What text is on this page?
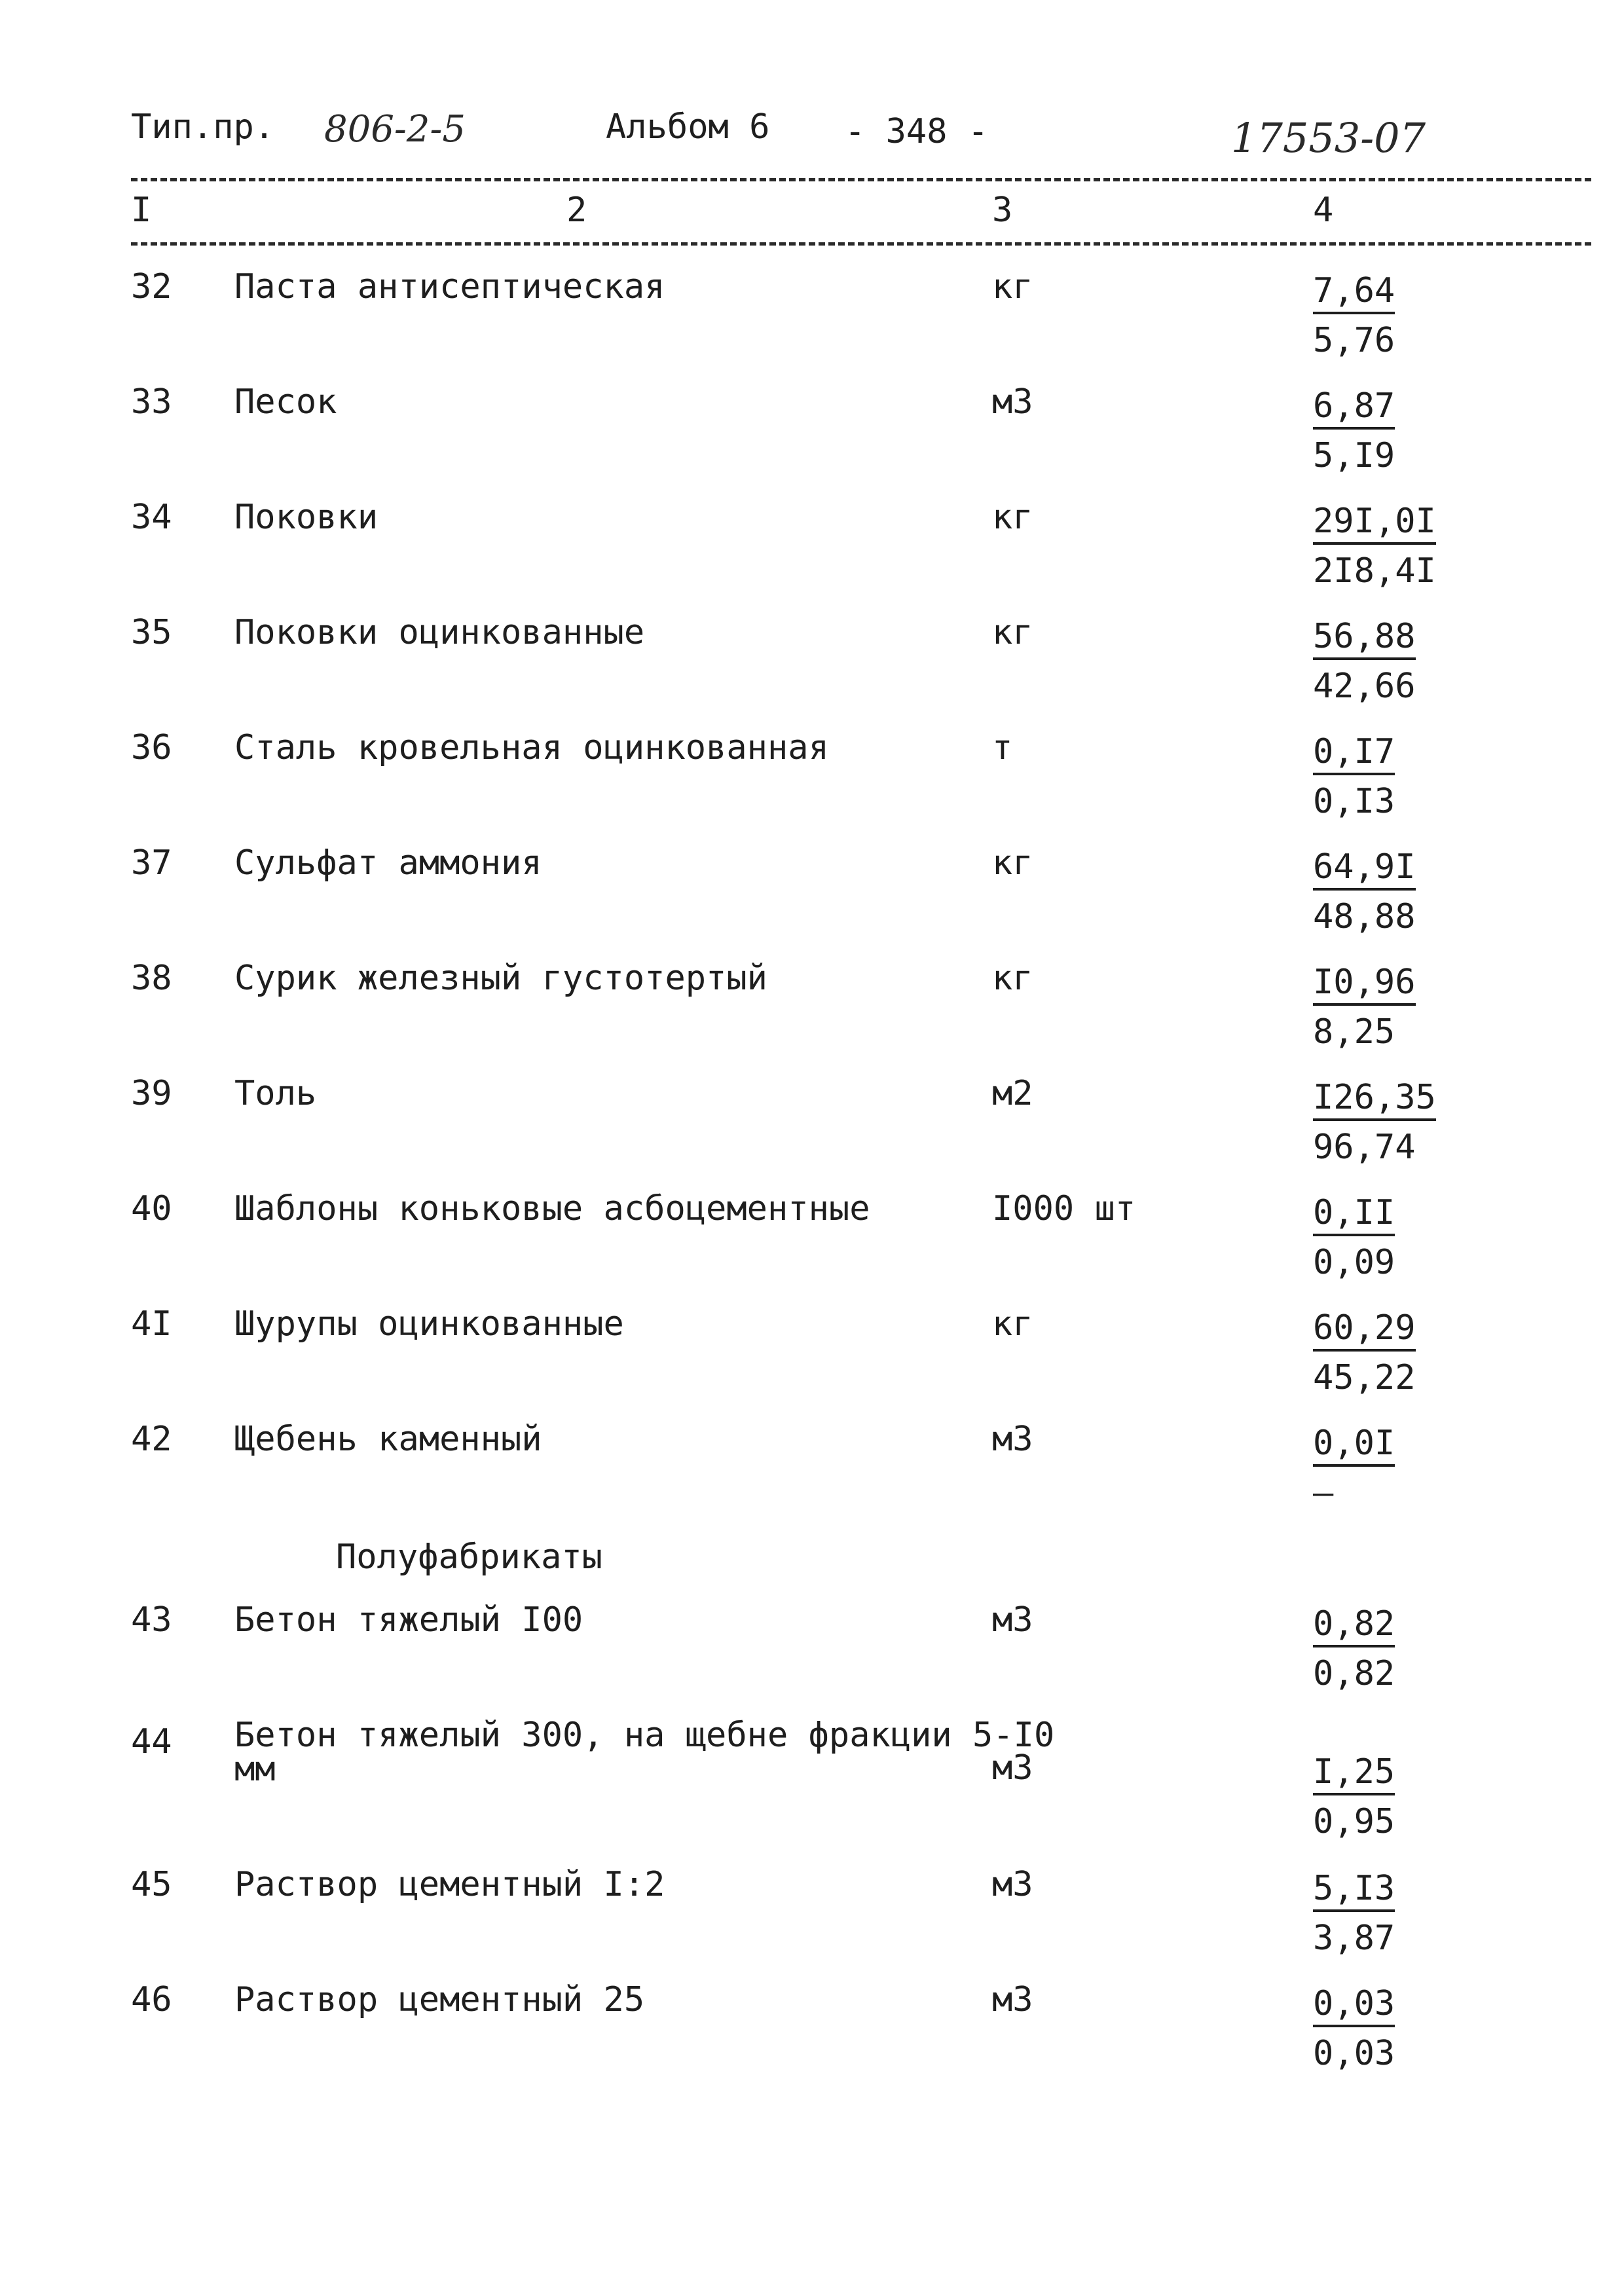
Тип.пр. 806-2-5	Альбом 6 - 348 -	17553-07
I	2	3	4
32 Паста антисептическая	кг	7,64
5,76
33 Песок	м3	6,87
5,I9
34 Поковки	кг	29I,0I
2I8,4I
35 Поковки оцинкованные	кг	56,88
42,66
36 Сталь кровельная оцинкованная	т	0,I7
0,I3
37 Сульфат аммония	кг	64,9I
48,88
38 Сурик железный густотертый	кг	I0,96
8,25
39 Толь	м2	I26,35
96,74
40 Шаблоны коньковые асбоцементные	I000 шт	0,II
0,09
4I Шурупы оцинкованные	кг	60,29
45,22
42 Щебень каменный	м3	0,0I
–
Полуфабрикаты
43 Бетон тяжелый I00	м3	0,82
0,82
44 Бетон тяжелый 300, на щебне фракции 5-I0 мм	м3	I,25
0,95
45 Раствор цементный I:2	м3	5,I3
3,87
46 Раствор цементный 25	м3	0,03
0,03
